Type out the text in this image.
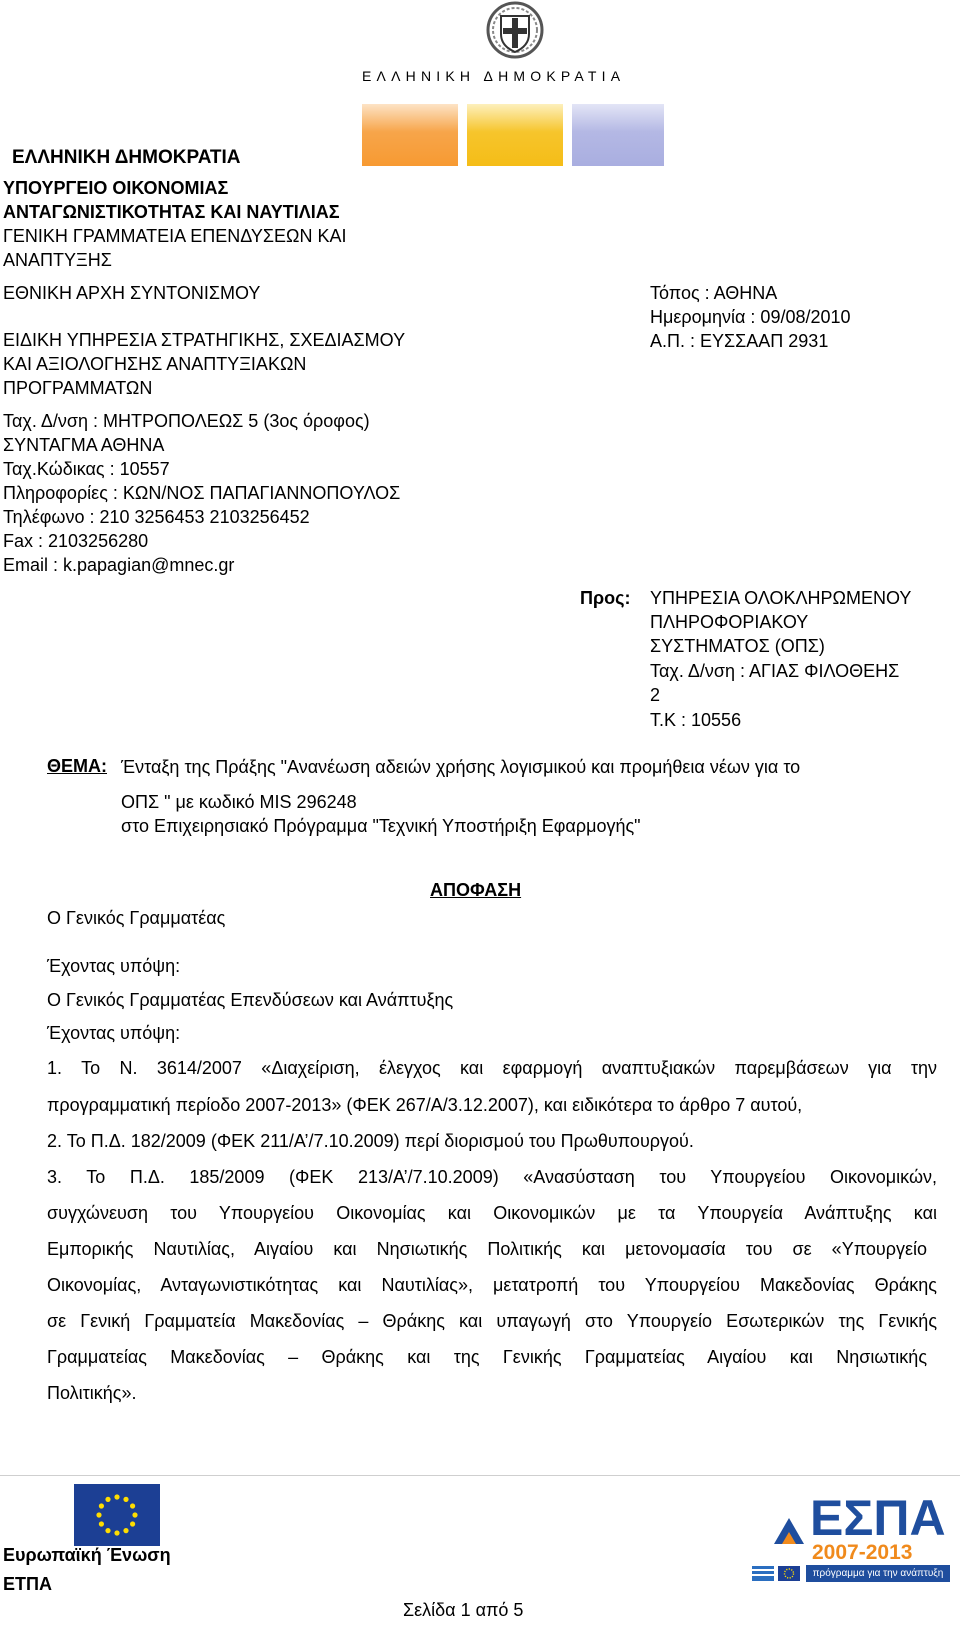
ΕΛΛΗΝΙΚΗ ΔΗΜΟΚΡΑΤΙΑ
ΕΛΛΗΝΙΚΗ ΔΗΜΟΚΡΑΤΙΑ
ΥΠΟΥΡΓΕΙΟ ΟΙΚΟΝΟΜΙΑΣ
ΑΝΤΑΓΩΝΙΣΤΙΚΟΤΗΤΑΣ ΚΑΙ ΝΑΥΤΙΛΙΑΣ
ΓΕΝΙΚΗ ΓΡΑΜΜΑΤΕΙΑ ΕΠΕΝΔΥΣΕΩΝ ΚΑΙ
ΑΝΑΠΤΥΞΗΣ
ΕΘΝΙΚΗ ΑΡΧΗ ΣΥΝΤΟΝΙΣΜΟΥ
ΕΙΔΙΚΗ ΥΠΗΡΕΣΙΑ ΣΤΡΑΤΗΓΙΚΗΣ, ΣΧΕΔΙΑΣΜΟΥ
ΚΑΙ ΑΞΙΟΛΟΓΗΣΗΣ ΑΝΑΠΤΥΞΙΑΚΩΝ
ΠΡΟΓΡΑΜΜΑΤΩΝ
Ταχ. Δ/νση : ΜΗΤΡΟΠΟΛΕΩΣ 5 (3ος όροφος)
ΣΥΝΤΑΓΜΑ ΑΘΗΝΑ
Ταχ.Κώδικας : 10557
Πληροφορίες : ΚΩΝ/ΝΟΣ ΠΑΠΑΓΙΑΝΝΟΠΟΥΛΟΣ
Τηλέφωνο : 210 3256453 2103256452
Fax : 2103256280
Email : k.papagian@mnec.gr
Τόπος : ΑΘΗΝΑ
Ημερομηνία : 09/08/2010
Α.Π. : ΕΥΣΣΑΑΠ 2931
Προς: ΥΠΗΡΕΣΙΑ ΟΛΟΚΛΗΡΩΜΕΝΟΥ
ΠΛΗΡΟΦΟΡΙΑΚΟΥ
ΣΥΣΤΗΜΑΤΟΣ (ΟΠΣ)
Ταχ. Δ/νση : ΑΓΙΑΣ ΦΙΛΟΘΕΗΣ
2
Τ.Κ : 10556
ΘΕΜΑ: Ένταξη της Πράξης "Ανανέωση αδειών χρήσης λογισμικού και προμήθεια νέων για το
ΟΠΣ " με κωδικό MIS 296248
στο Επιχειρησιακό Πρόγραμμα "Τεχνική Υποστήριξη Εφαρμογής"
ΑΠΟΦΑΣΗ
Ο Γενικός Γραμματέας
Έχοντας υπόψη:
Ο Γενικός Γραμματέας Επενδύσεων και Ανάπτυξης
Έχοντας υπόψη:
1. Το Ν. 3614/2007 «Διαχείριση, έλεγχος και εφαρμογή αναπτυξιακών παρεμβάσεων για την
προγραμματική περίοδο 2007-2013» (ΦΕΚ 267/Α/3.12.2007), και ειδικότερα το άρθρο 7 αυτού,
2. Το Π.Δ. 182/2009 (ΦΕΚ 211/Α’/7.10.2009) περί διορισμού του Πρωθυπουργού.
3. Το Π.Δ. 185/2009 (ΦΕΚ 213/Α’/7.10.2009) «Ανασύσταση του Υπουργείου Οικονομικών,
συγχώνευση του Υπουργείου Οικονομίας και Οικονομικών με τα Υπουργεία Ανάπτυξης και
Εμπορικής Ναυτιλίας, Αιγαίου και Νησιωτικής Πολιτικής και μετονομασία του σε «Υπουργείο
Οικονομίας, Ανταγωνιστικότητας και Ναυτιλίας», μετατροπή του Υπουργείου Μακεδονίας Θράκης
σε Γενική Γραμματεία Μακεδονίας – Θράκης και υπαγωγή στο Υπουργείο Εσωτερικών της Γενικής
Γραμματείας Μακεδονίας – Θράκης και της Γενικής Γραμματείας Αιγαίου και Νησιωτικής
Πολιτικής».
Ευρωπαϊκή Ένωση
ΕΤΠΑ
ΕΣΠΑ
2007-2013
πρόγραμμα για την ανάπτυξη
Σελίδα 1 από 5
